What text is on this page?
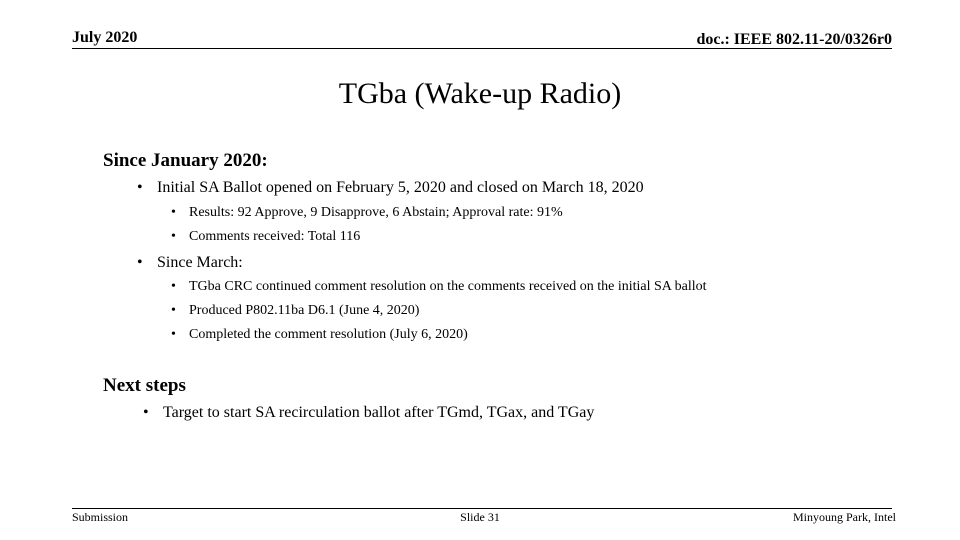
July 2020	doc.: IEEE 802.11-20/0326r0
TGba (Wake-up Radio)
Since January 2020:
• Initial SA Ballot opened on February 5, 2020 and closed on March 18, 2020
• Results: 92 Approve, 9 Disapprove, 6 Abstain; Approval rate: 91%
• Comments received: Total 116
• Since March:
• TGba CRC continued comment resolution on the comments received on the initial SA ballot
• Produced P802.11ba D6.1 (June 4, 2020)
• Completed the comment resolution (July 6, 2020)
Next steps
• Target to start SA recirculation ballot after TGmd, TGax, and TGay
Submission	Slide 31	Minyoung Park, Intel
